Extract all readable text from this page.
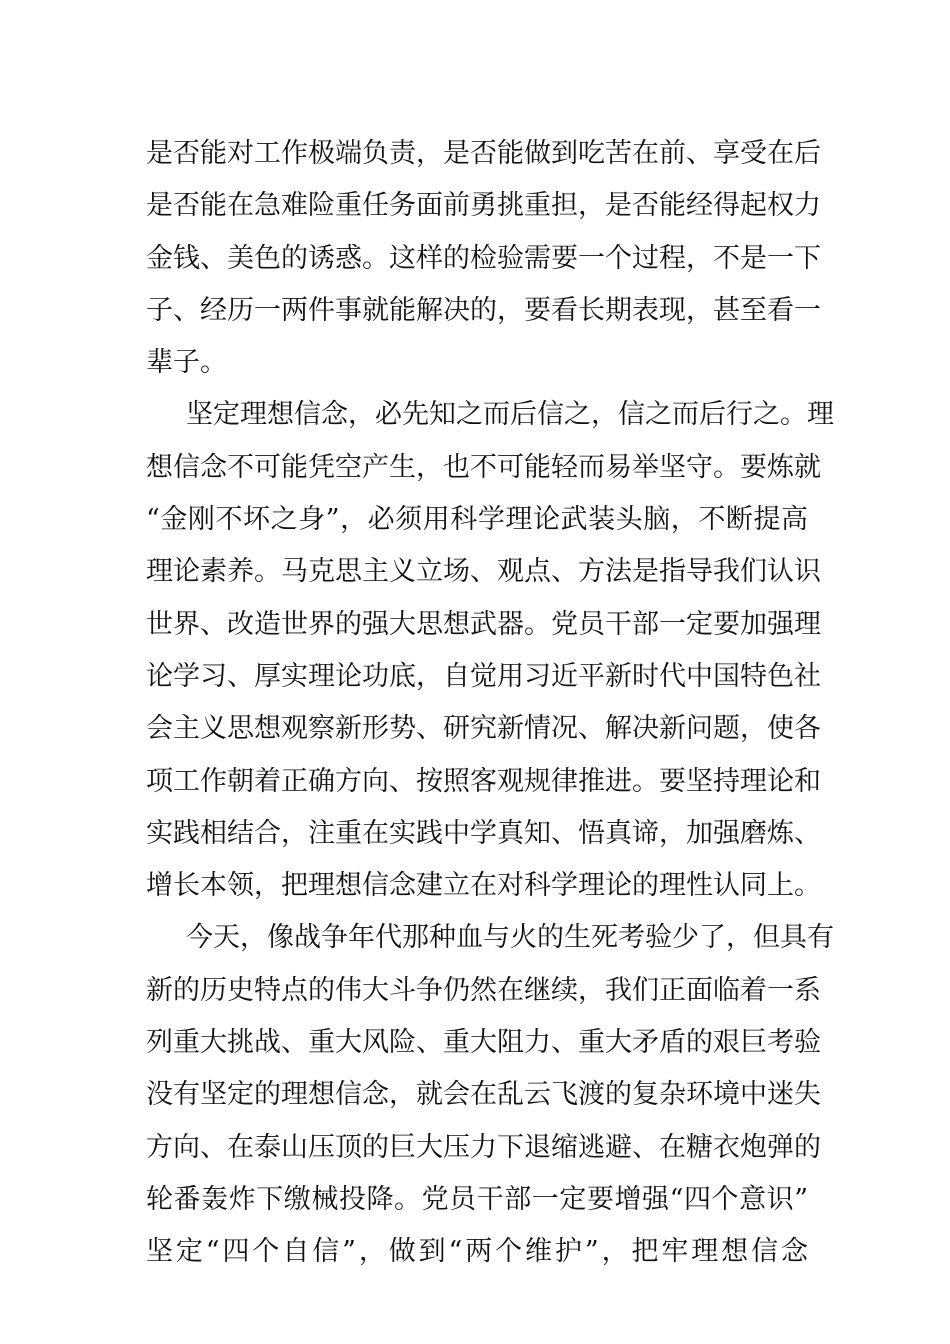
是否能对工作极端负责，是否能做到吃苦在前、享受在后
是否能在急难险重任务面前勇挑重担，是否能经得起权力
金钱、美色的诱惑。这样的检验需要一个过程，不是一下
子、经历一两件事就能解决的，要看长期表现，甚至看一
辈子。
坚定理想信念，必先知之而后信之，信之而后行之。理
想信念不可能凭空产生，也不可能轻而易举坚守。要炼就
“金刚不坏之身”，必须用科学理论武装头脑，不断提高
理论素养。马克思主义立场、观点、方法是指导我们认识
世界、改造世界的强大思想武器。党员干部一定要加强理
论学习、厚实理论功底，自觉用习近平新时代中国特色社
会主义思想观察新形势、研究新情况、解决新问题，使各
项工作朝着正确方向、按照客观规律推进。要坚持理论和
实践相结合，注重在实践中学真知、悟真谛，加强磨炼、
增长本领，把理想信念建立在对科学理论的理性认同上。
今天，像战争年代那种血与火的生死考验少了，但具有
新的历史特点的伟大斗争仍然在继续，我们正面临着一系
列重大挑战、重大风险、重大阻力、重大矛盾的艰巨考验
没有坚定的理想信念，就会在乱云飞渡的复杂环境中迷失
方向、在泰山压顶的巨大压力下退缩逃避、在糖衣炮弹的
轮番轰炸下缴械投降。党员干部一定要增强“四个意识”
坚定“四个自信”，做到“两个维护”，把牢理想信念
